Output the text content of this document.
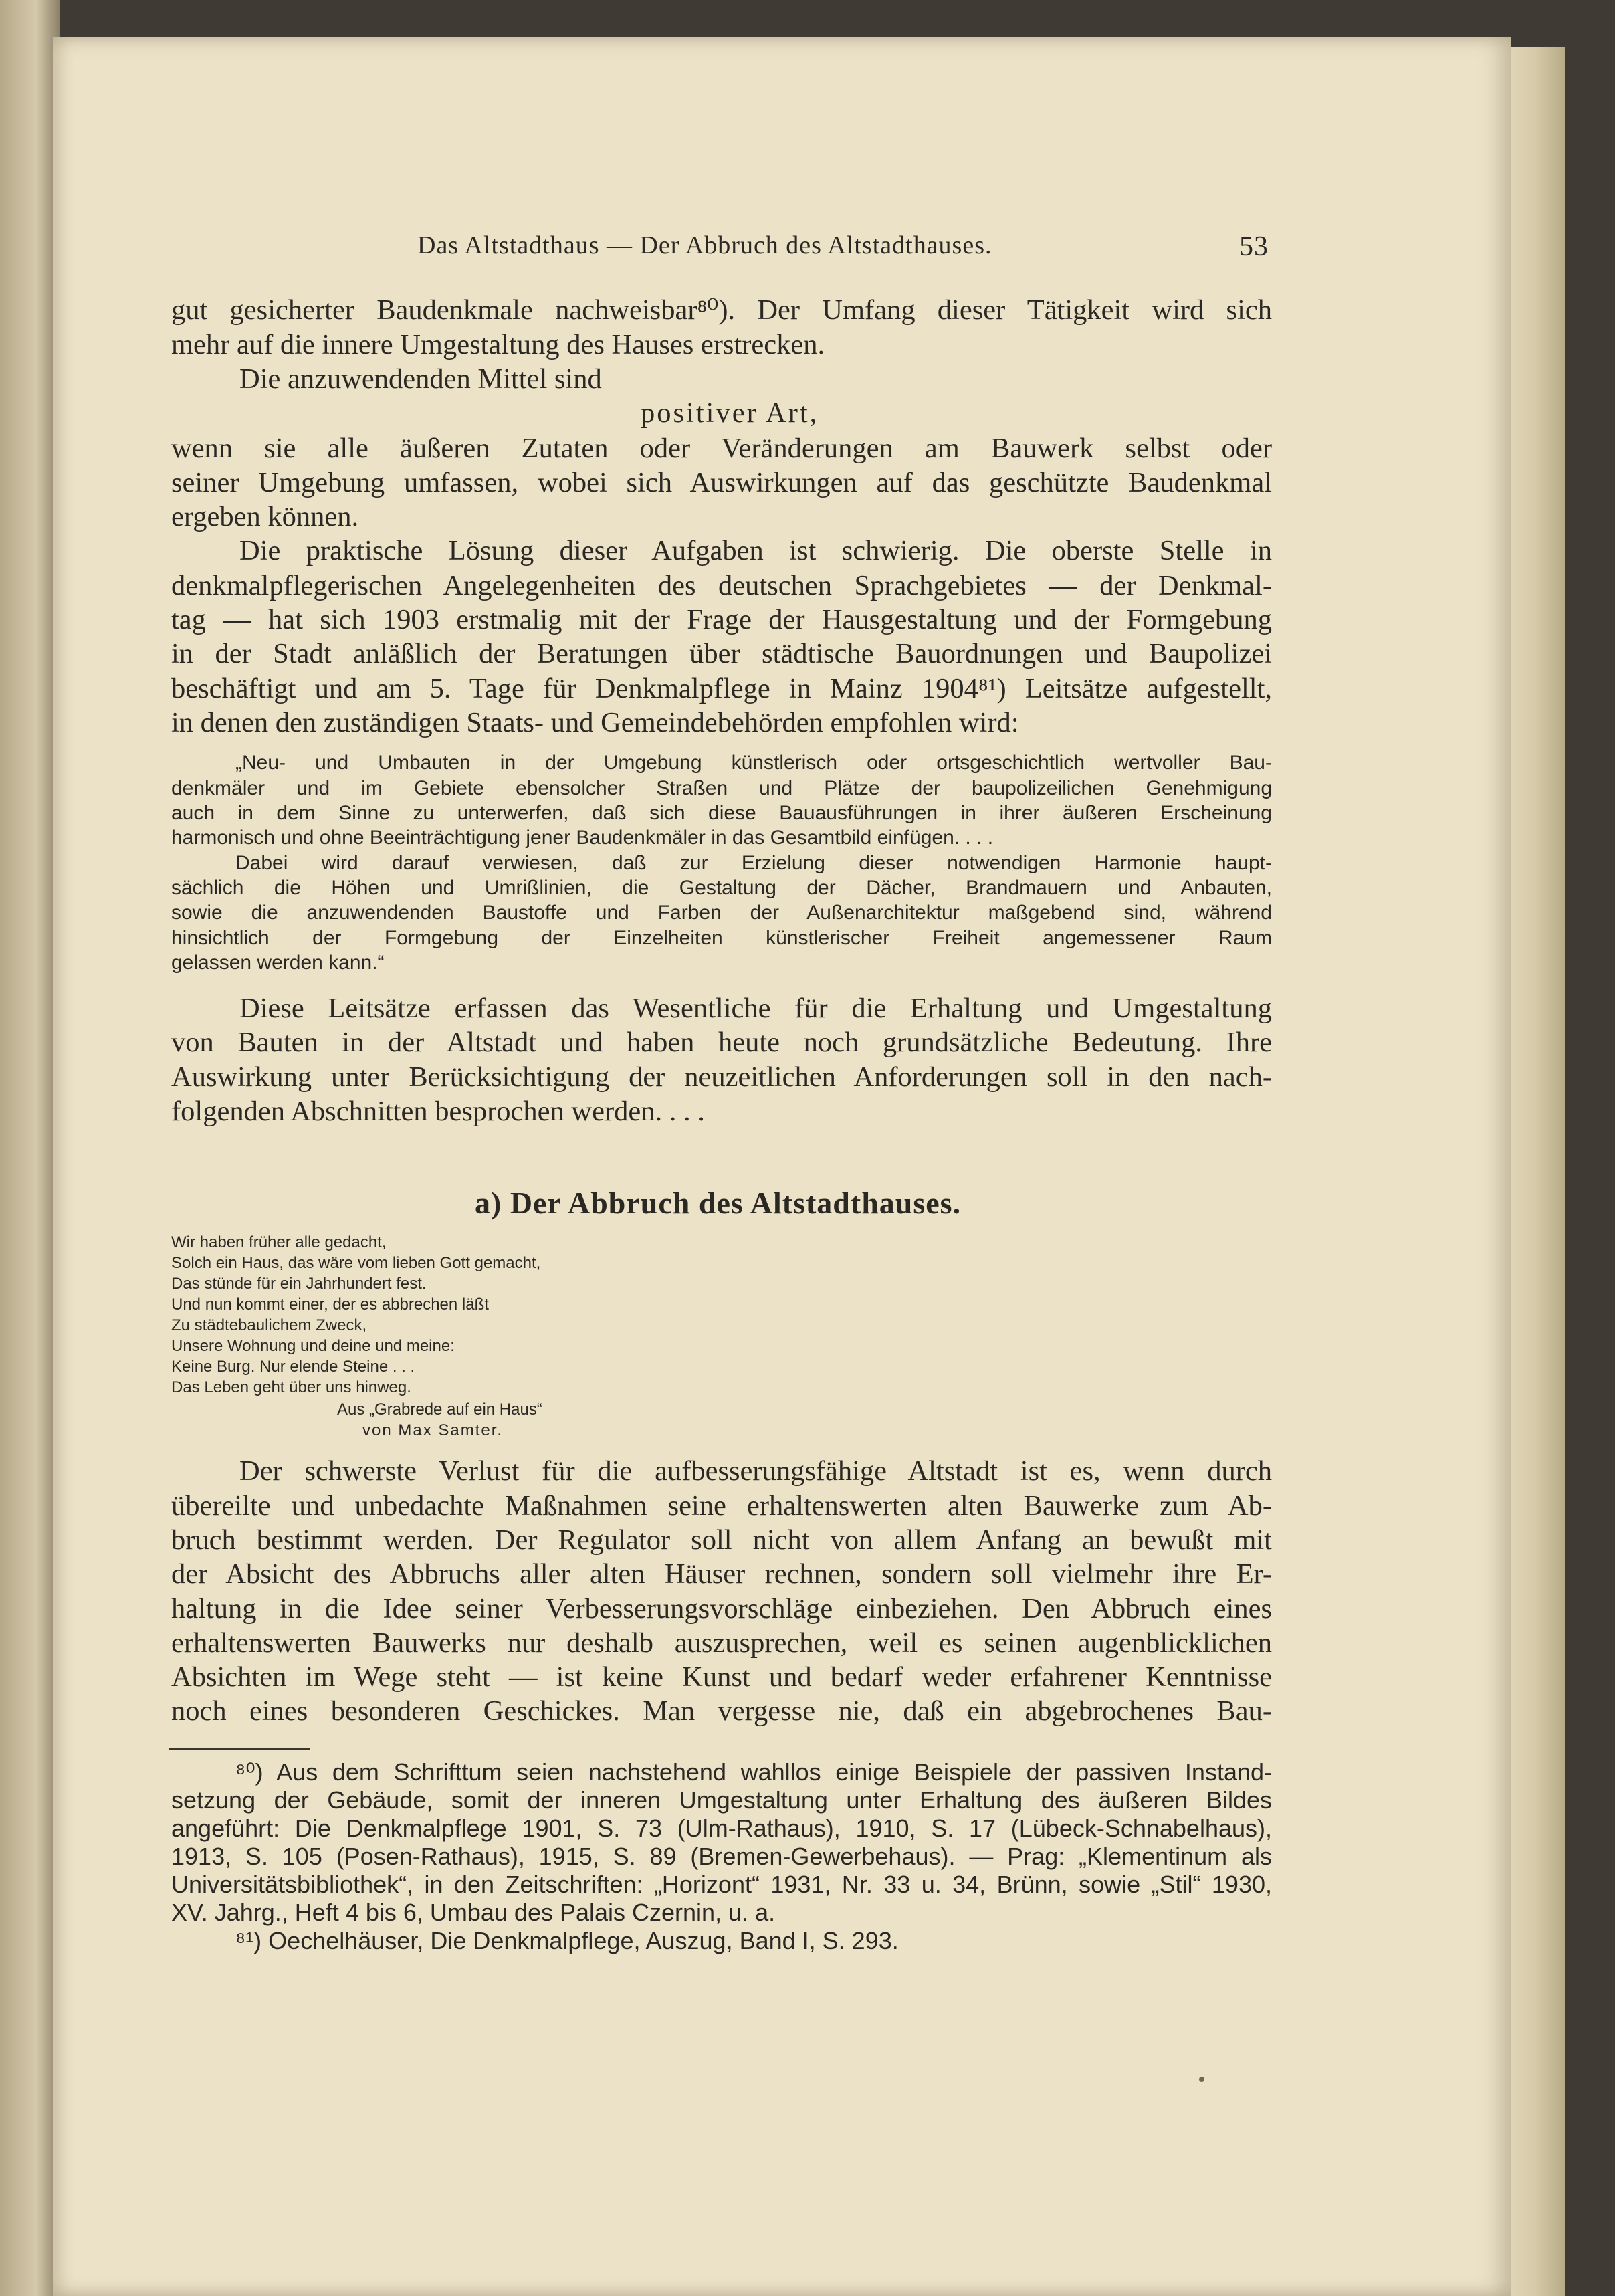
Das Altstadthaus — Der Abbruch des Altstadthauses.	53
gut gesicherter Baudenkmale nachweisbar⁸⁰). Der Umfang dieser Tätigkeit wird sich
mehr auf die innere Umgestaltung des Hauses erstrecken.
Die anzuwendenden Mittel sind
positiver Art,
wenn sie alle äußeren Zutaten oder Veränderungen am Bauwerk selbst oder
seiner Umgebung umfassen, wobei sich Auswirkungen auf das geschützte Baudenkmal
ergeben können.
Die praktische Lösung dieser Aufgaben ist schwierig. Die oberste Stelle in
denkmalpflegerischen Angelegenheiten des deutschen Sprachgebietes — der Denkmal-
tag — hat sich 1903 erstmalig mit der Frage der Hausgestaltung und der Formgebung
in der Stadt anläßlich der Beratungen über städtische Bauordnungen und Baupolizei
beschäftigt und am 5. Tage für Denkmalpflege in Mainz 1904⁸¹) Leitsätze aufgestellt,
in denen den zuständigen Staats- und Gemeindebehörden empfohlen wird:
„Neu- und Umbauten in der Umgebung künstlerisch oder ortsgeschichtlich wertvoller Bau-
denkmäler und im Gebiete ebensolcher Straßen und Plätze der baupolizeilichen Genehmigung
auch in dem Sinne zu unterwerfen, daß sich diese Bauausführungen in ihrer äußeren Erscheinung
harmonisch und ohne Beeinträchtigung jener Baudenkmäler in das Gesamtbild einfügen. . . .
Dabei wird darauf verwiesen, daß zur Erzielung dieser notwendigen Harmonie haupt-
sächlich die Höhen und Umrißlinien, die Gestaltung der Dächer, Brandmauern und Anbauten,
sowie die anzuwendenden Baustoffe und Farben der Außenarchitektur maßgebend sind, während
hinsichtlich der Formgebung der Einzelheiten künstlerischer Freiheit angemessener Raum
gelassen werden kann.“
Diese Leitsätze erfassen das Wesentliche für die Erhaltung und Umgestaltung
von Bauten in der Altstadt und haben heute noch grundsätzliche Bedeutung. Ihre
Auswirkung unter Berücksichtigung der neuzeitlichen Anforderungen soll in den nach-
folgenden Abschnitten besprochen werden. . . .
a) Der Abbruch des Altstadthauses.
Wir haben früher alle gedacht,
Solch ein Haus, das wäre vom lieben Gott gemacht,
Das stünde für ein Jahrhundert fest.
Und nun kommt einer, der es abbrechen läßt
Zu städtebaulichem Zweck,
Unsere Wohnung und deine und meine:
Keine Burg. Nur elende Steine . . .
Das Leben geht über uns hinweg.
Aus „Grabrede auf ein Haus“
von Max Samter.
Der schwerste Verlust für die aufbesserungsfähige Altstadt ist es, wenn durch
übereilte und unbedachte Maßnahmen seine erhaltenswerten alten Bauwerke zum Ab-
bruch bestimmt werden. Der Regulator soll nicht von allem Anfang an bewußt mit
der Absicht des Abbruchs aller alten Häuser rechnen, sondern soll vielmehr ihre Er-
haltung in die Idee seiner Verbesserungsvorschläge einbeziehen. Den Abbruch eines
erhaltenswerten Bauwerks nur deshalb auszusprechen, weil es seinen augenblicklichen
Absichten im Wege steht — ist keine Kunst und bedarf weder erfahrener Kenntnisse
noch eines besonderen Geschickes. Man vergesse nie, daß ein abgebrochenes Bau-
⁸⁰) Aus dem Schrifttum seien nachstehend wahllos einige Beispiele der passiven Instand-
setzung der Gebäude, somit der inneren Umgestaltung unter Erhaltung des äußeren Bildes
angeführt: Die Denkmalpflege 1901, S. 73 (Ulm-Rathaus), 1910, S. 17 (Lübeck-Schnabelhaus),
1913, S. 105 (Posen-Rathaus), 1915, S. 89 (Bremen-Gewerbehaus). — Prag: „Klementinum als
Universitätsbibliothek“, in den Zeitschriften: „Horizont“ 1931, Nr. 33 u. 34, Brünn, sowie „Stil“ 1930,
XV. Jahrg., Heft 4 bis 6, Umbau des Palais Czernin, u. a.
⁸¹) Oechelhäuser, Die Denkmalpflege, Auszug, Band I, S. 293.
